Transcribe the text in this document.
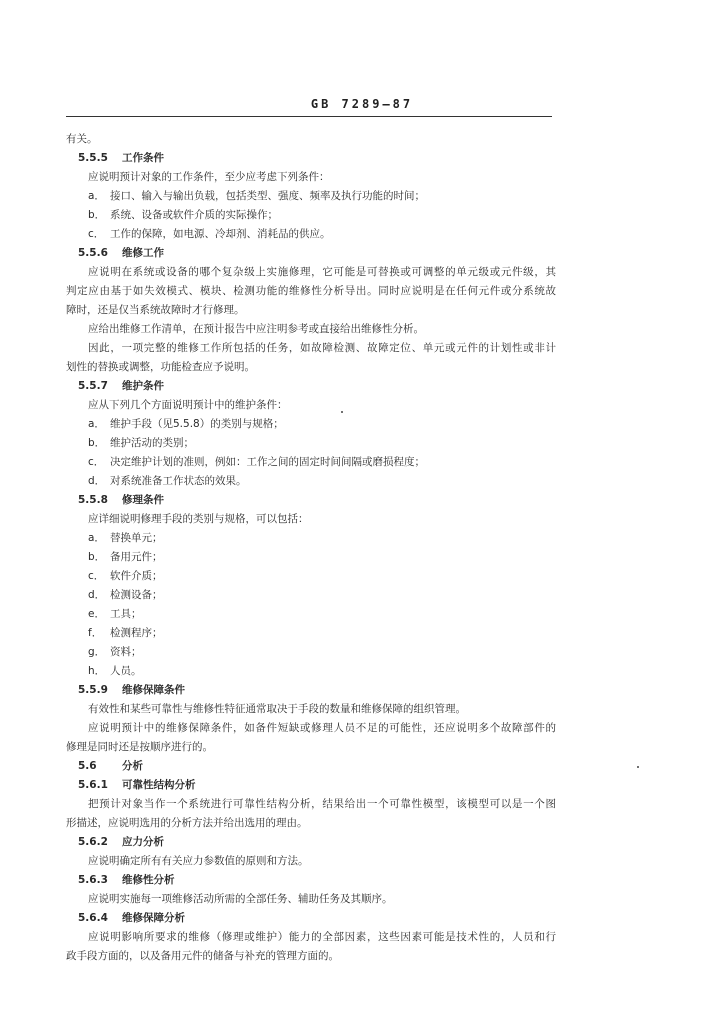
GB 7289—87
有关。
5.5.5 工作条件
应说明预计对象的工作条件，至少应考虑下列条件：
a． 接口、输入与输出负载，包括类型、强度、频率及执行功能的时间；
b． 系统、设备或软件介质的实际操作；
c． 工作的保障，如电源、冷却剂、消耗品的供应。
5.5.6 维修工作
应说明在系统或设备的哪个复杂级上实施修理，它可能是可替换或可调整的单元级或元件级，其
判定应由基于如失效模式、模块、检测功能的维修性分析导出。同时应说明是在任何元件或分系统故
障时，还是仅当系统故障时才行修理。
应给出维修工作清单，在预计报告中应注明参考或直接给出维修性分析。
因此，一项完整的维修工作所包括的任务，如故障检测、故障定位、单元或元件的计划性或非计
划性的替换或调整，功能检查应予说明。
5.5.7 维护条件
应从下列几个方面说明预计中的维护条件：
a． 维护手段（见5.5.8）的类别与规格；
b． 维护活动的类别；
c． 决定维护计划的准则，例如：工作之间的固定时间间隔或磨损程度；
d． 对系统准备工作状态的效果。
5.5.8 修理条件
应详细说明修理手段的类别与规格，可以包括：
a． 替换单元；
b． 备用元件；
c． 软件介质；
d． 检测设备；
e． 工具；
f． 检测程序；
g． 资料；
h． 人员。
5.5.9 维修保障条件
有效性和某些可靠性与维修性特征通常取决于手段的数量和维修保障的组织管理。
应说明预计中的维修保障条件，如备件短缺或修理人员不足的可能性，还应说明多个故障部件的
修理是同时还是按顺序进行的。
5.6 分析
5.6.1 可靠性结构分析
把预计对象当作一个系统进行可靠性结构分析，结果给出一个可靠性模型，该模型可以是一个图
形描述，应说明选用的分析方法并给出选用的理由。
5.6.2 应力分析
应说明确定所有有关应力参数值的原则和方法。
5.6.3 维修性分析
应说明实施每一项维修活动所需的全部任务、辅助任务及其顺序。
5.6.4 维修保障分析
应说明影响所要求的维修（修理或维护）能力的全部因素，这些因素可能是技术性的，人员和行
政手段方面的，以及备用元件的储备与补充的管理方面的。
